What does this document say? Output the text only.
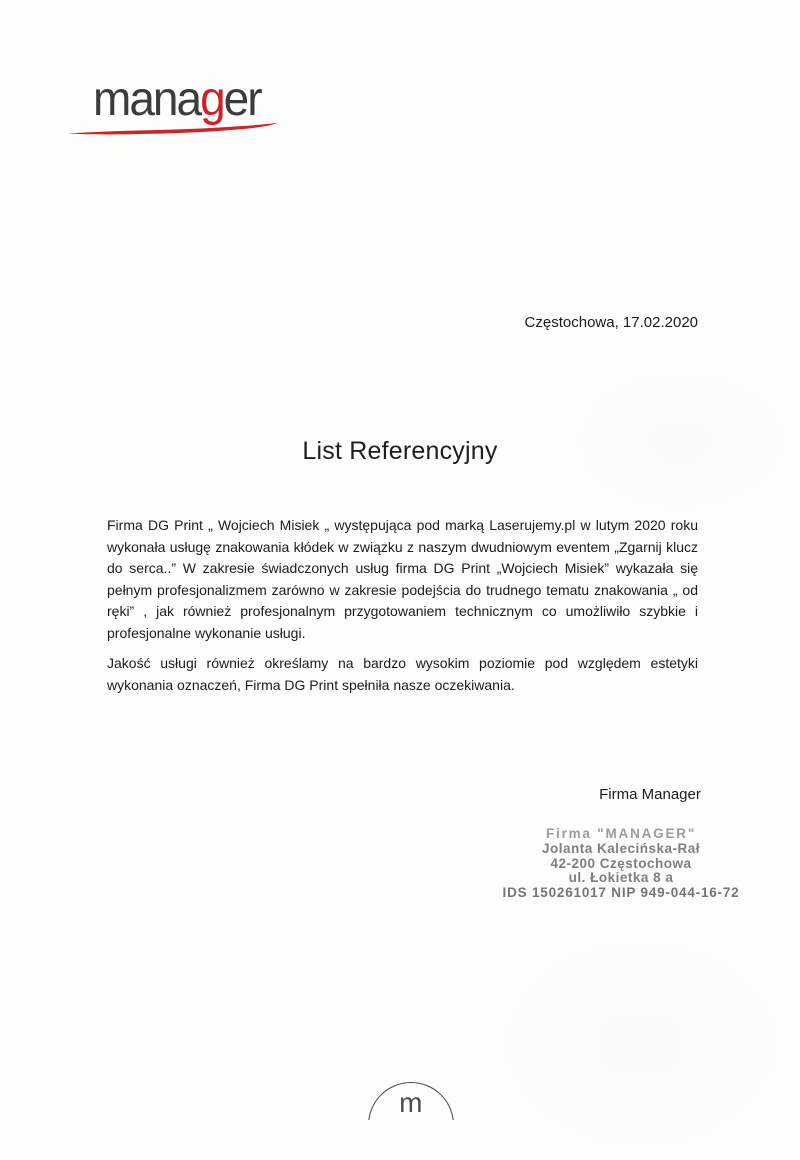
manager
Częstochowa, 17.02.2020
List Referencyjny

Firma DG Print „ Wojciech Misiek „ występująca pod marką Laserujemy.pl w lutym 2020 roku wykonała usługę znakowania kłódek w związku z naszym dwudniowym eventem „Zgarnij klucz do serca..” W zakresie świadczonych usług firma DG Print „Wojciech Misiek” wykazała się pełnym profesjonalizmem zarówno w zakresie podejścia do trudnego tematu znakowania „ od ręki” , jak również profesjonalnym przygotowaniem technicznym co umożliwiło szybkie i profesjonalne wykonanie usługi.

Jakość usługi również określamy na bardzo wysokim poziomie pod względem estetyki wykonania oznaczeń, Firma DG Print spełniła nasze oczekiwania.

Firma Manager
Firma "MANAGER"
Jolanta Kalecińska-Rał
42-200 Częstochowa
ul. Łokietka 8 a
IDS 150261017 NIP 949-044-16-72
m
